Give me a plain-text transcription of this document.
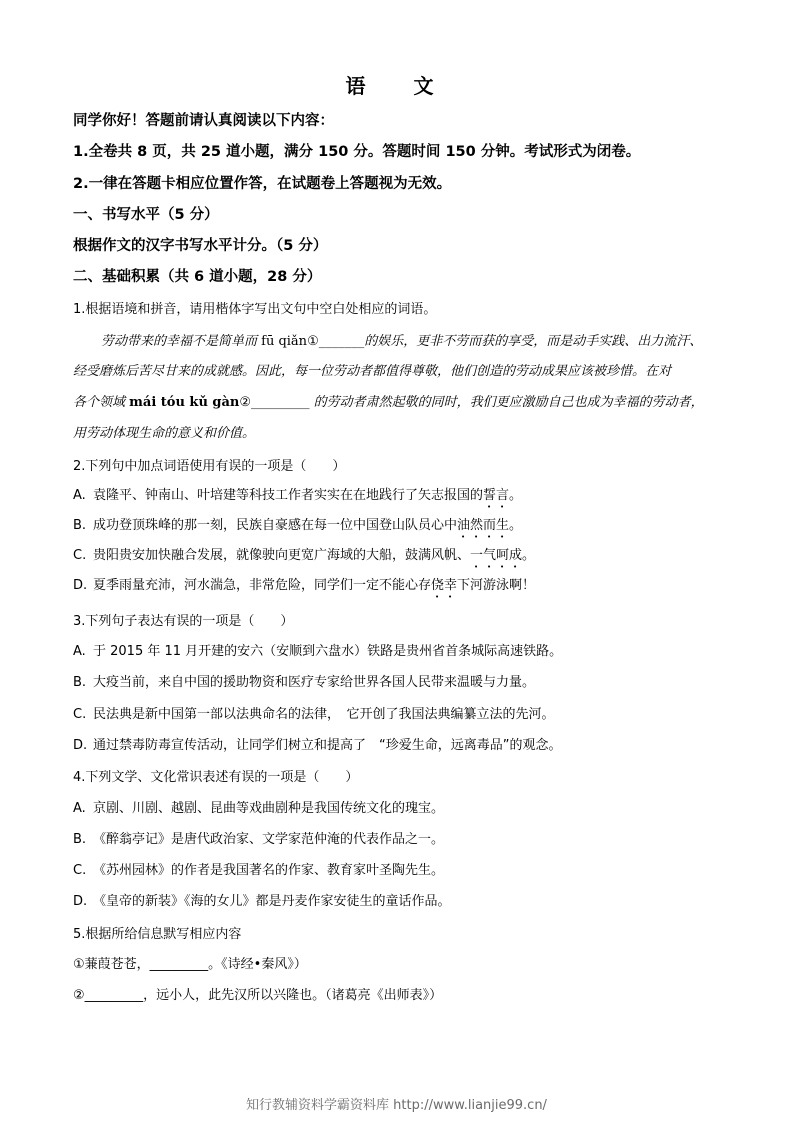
语　文
同学你好！答题前请认真阅读以下内容：
1.全卷共 8 页，共 25 道小题，满分 150 分。答题时间 150 分钟。考试形式为闭卷。
2.一律在答题卡相应位置作答，在试题卷上答题视为无效。
一、书写水平（5 分）
根据作文的汉字书写水平计分。（5 分）
二、基础积累（共 6 道小题，28 分）
1.根据语境和拼音，请用楷体字写出文句中空白处相应的词语。
劳动带来的幸福不是简单而 fū qiǎn①_______的娱乐，更非不劳而获的享受，而是动手实践、出力流汗、
经受磨炼后苦尽甘来的成就感。因此，每一位劳动者都值得尊敬，他们创造的劳动成果应该被珍惜。在对
各个领域 mái tóu kǔ gàn②_________ 的劳动者肃然起敬的同时，我们更应激励自己也成为幸福的劳动者，
用劳动体现生命的意义和价值。
2.下列句中加点词语使用有误的一项是（　　）
A. 袁隆平、钟南山、叶培建等科技工作者实实在在地践行了矢志报国的誓言。
B. 成功登顶珠峰的那一刻，民族自豪感在每一位中国登山队员心中油然而生。
C. 贵阳贵安加快融合发展，就像驶向更宽广海域的大船，鼓满风帆、一气呵成。
D. 夏季雨量充沛，河水湍急，非常危险，同学们一定不能心存侥幸下河游泳啊！
3.下列句子表达有误的一项是（　　）
A. 于 2015 年 11 月开建的安六（安顺到六盘水）铁路是贵州省首条城际高速铁路。
B. 大疫当前，来自中国的援助物资和医疗专家给世界各国人民带来温暖与力量。
C. 民法典是新中国第一部以法典命名的法律，　它开创了我国法典编纂立法的先河。
D. 通过禁毒防毒宣传活动，让同学们树立和提高了　“珍爱生命，远离毒品”的观念。
4.下列文学、文化常识表述有误的一项是（　　）
A. 京剧、川剧、越剧、昆曲等戏曲剧种是我国传统文化的瑰宝。
B. 《醉翁亭记》是唐代政治家、文学家范仲淹的代表作品之一。
C. 《苏州园林》的作者是我国著名的作家、教育家叶圣陶先生。
D. 《皇帝的新装》《海的女儿》都是丹麦作家安徒生的童话作品。
5.根据所给信息默写相应内容
①蒹葭苍苍，_________。《诗经•秦风》）
②_________，远小人，此先汉所以兴隆也。（诸葛亮《出师表》）
知行教辅资料学霸资料库 http://www.lianjie99.cn/
